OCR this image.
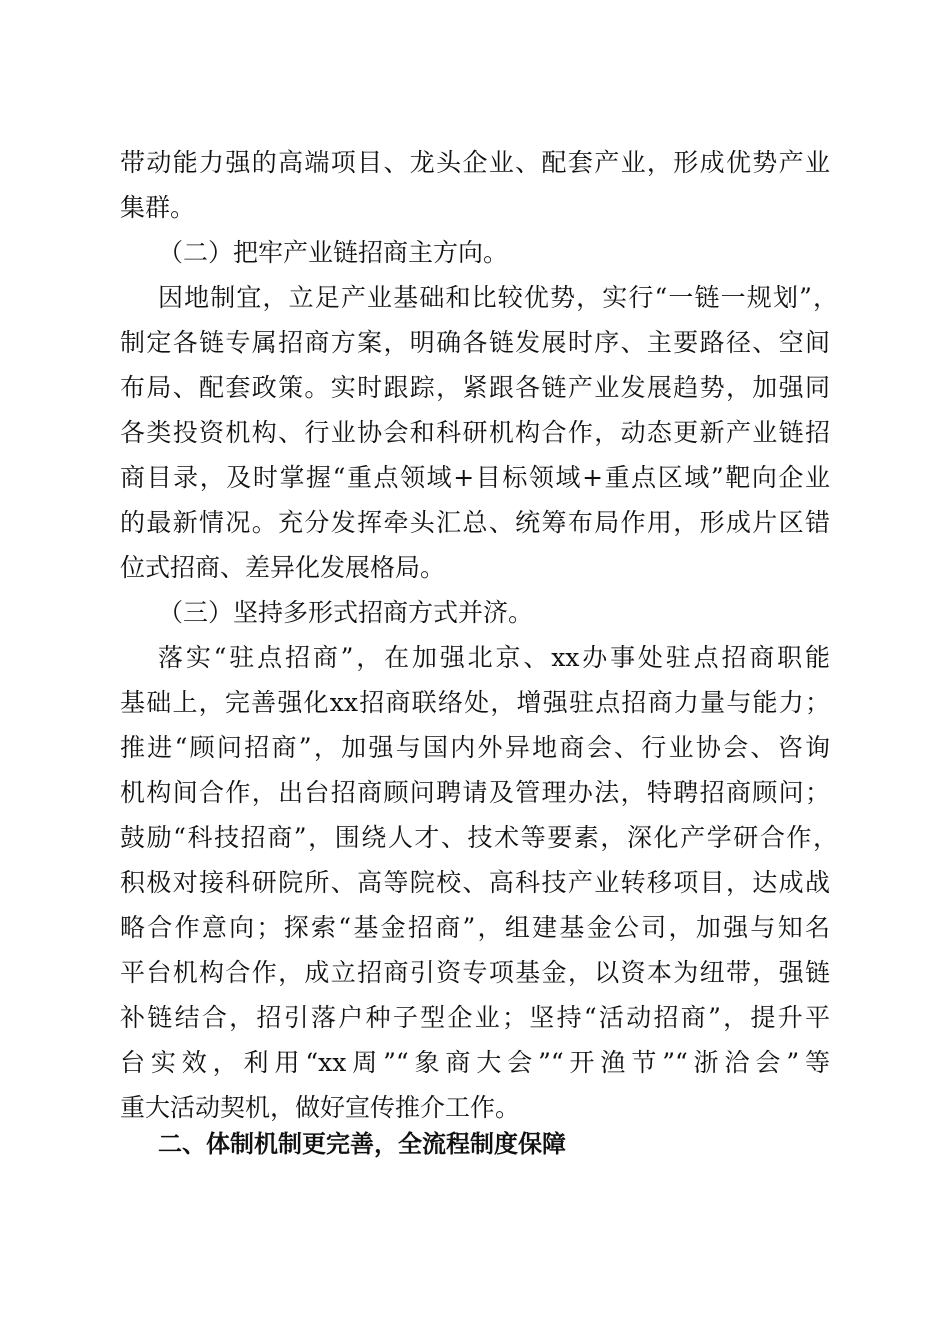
带动能力强的高端项目、龙头企业、配套产业，形成优势产业
集群。
（二）把牢产业链招商主方向。
因地制宜，立足产业基础和比较优势，实行“一链一规划”，
制定各链专属招商方案，明确各链发展时序、主要路径、空间
布局、配套政策。实时跟踪，紧跟各链产业发展趋势，加强同
各类投资机构、行业协会和科研机构合作，动态更新产业链招
商目录，及时掌握“重点领域+目标领域+重点区域”靶向企业
的最新情况。充分发挥牵头汇总、统筹布局作用，形成片区错
位式招商、差异化发展格局。
（三）坚持多形式招商方式并济。
落实“驻点招商”，在加强北京、xx办事处驻点招商职能
基础上，完善强化xx招商联络处，增强驻点招商力量与能力；
推进“顾问招商”，加强与国内外异地商会、行业协会、咨询
机构间合作，出台招商顾问聘请及管理办法，特聘招商顾问；
鼓励“科技招商”，围绕人才、技术等要素，深化产学研合作，
积极对接科研院所、高等院校、高科技产业转移项目，达成战
略合作意向；探索“基金招商”，组建基金公司，加强与知名
平台机构合作，成立招商引资专项基金，以资本为纽带，强链
补链结合，招引落户种子型企业；坚持“活动招商”，提升平
台实效，利用“xx周”“象商大会”“开渔节”“浙洽会”等
重大活动契机，做好宣传推介工作。
二、体制机制更完善，全流程制度保障
